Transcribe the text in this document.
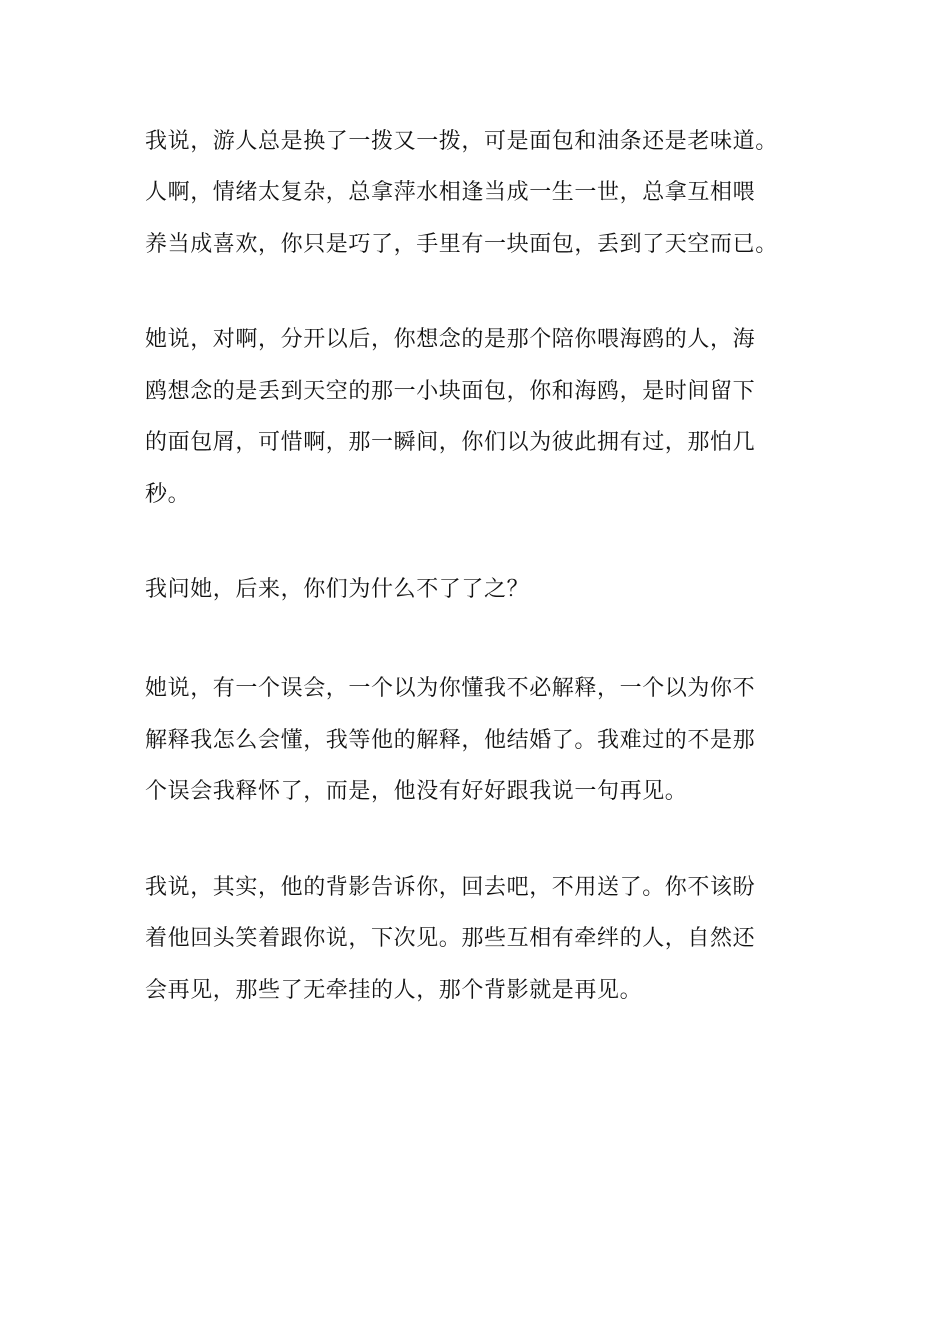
我说，游人总是换了一拨又一拨，可是面包和油条还是老味道。

人啊，情绪太复杂，总拿萍水相逢当成一生一世，总拿互相喂

养当成喜欢，你只是巧了，手里有一块面包，丢到了天空而已。

她说，对啊，分开以后，你想念的是那个陪你喂海鸥的人，海

鸥想念的是丢到天空的那一小块面包，你和海鸥，是时间留下

的面包屑，可惜啊，那一瞬间，你们以为彼此拥有过，那怕几

秒。

我问她，后来，你们为什么不了了之？

她说，有一个误会，一个以为你懂我不必解释，一个以为你不

解释我怎么会懂，我等他的解释，他结婚了。我难过的不是那

个误会我释怀了，而是，他没有好好跟我说一句再见。

我说，其实，他的背影告诉你，回去吧，不用送了。你不该盼

着他回头笑着跟你说，下次见。那些互相有牵绊的人，自然还

会再见，那些了无牵挂的人，那个背影就是再见。
